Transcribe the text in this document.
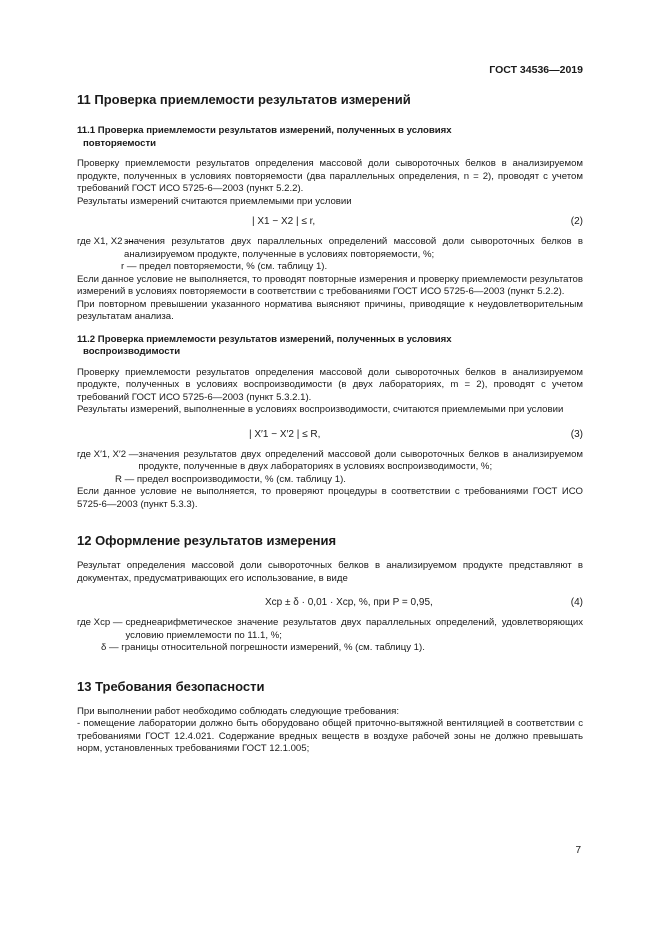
ГОСТ 34536—2019
11 Проверка приемлемости результатов измерений
11.1 Проверка приемлемости результатов измерений, полученных в условиях
повторяемости

Проверку приемлемости результатов определения массовой доли сывороточных белков в анализируемом продукте, полученных в условиях повторяемости (два параллельных определения, n = 2), проводят с учетом требований ГОСТ ИСО 5725-6—2003 (пункт 5.2.2).

Результаты измерений считаются приемлемыми при условии

| X1 − X2 | ≤ r,	(2)
где X1, X2 —
значения результатов двух параллельных определений массовой доли сывороточных белков в анализируемом продукте, полученные в условиях повторяемости, %;

r — предел повторяемости, % (см. таблицу 1).

Если данное условие не выполняется, то проводят повторные измерения и проверку приемлемости результатов измерений в условиях повторяемости в соответствии с требованиями ГОСТ ИСО 5725-6—2003 (пункт 5.2.2).

При повторном превышении указанного норматива выясняют причины, приводящие к неудовлетворительным результатам анализа.

11.2 Проверка приемлемости результатов измерений, полученных в условиях
воспроизводимости

Проверку приемлемости результатов определения массовой доли сывороточных белков в анализируемом продукте, полученных в условиях воспроизводимости (в двух лабораториях, m = 2), проводят с учетом требований ГОСТ ИСО 5725-6—2003 (пункт 5.3.2.1).

Результаты измерений, выполненные в условиях воспроизводимости, считаются приемлемыми при условии

| X′1 − X′2 | ≤ R,	(3)
где X′1, X′2 — значения результатов двух определений массовой доли сывороточных белков в анализируемом продукте, полученные в двух лабораториях в условиях воспроизводимости, %;

R — предел воспроизводимости, % (см. таблицу 1).

Если данное условие не выполняется, то проверяют процедуры в соответствии с требованиями ГОСТ ИСО 5725-6—2003 (пункт 5.3.3).

12 Оформление результатов измерения

Результат определения массовой доли сывороточных белков в анализируемом продукте представляют в документах, предусматривающих его использование, в виде

Xср ± δ · 0,01 · Xср, %, при P = 0,95,	(4)
где Xср — среднеарифметическое значение результатов двух параллельных определений, удовлетворяющих условию приемлемости по 11.1, %;

δ — границы относительной погрешности измерений, % (см. таблицу 1).

13 Требования безопасности

При выполнении работ необходимо соблюдать следующие требования:

- помещение лаборатории должно быть оборудовано общей приточно-вытяжной вентиляцией в соответствии с требованиями ГОСТ 12.4.021. Содержание вредных веществ в воздухе рабочей зоны не должно превышать норм, установленных требованиями ГОСТ 12.1.005;

7
